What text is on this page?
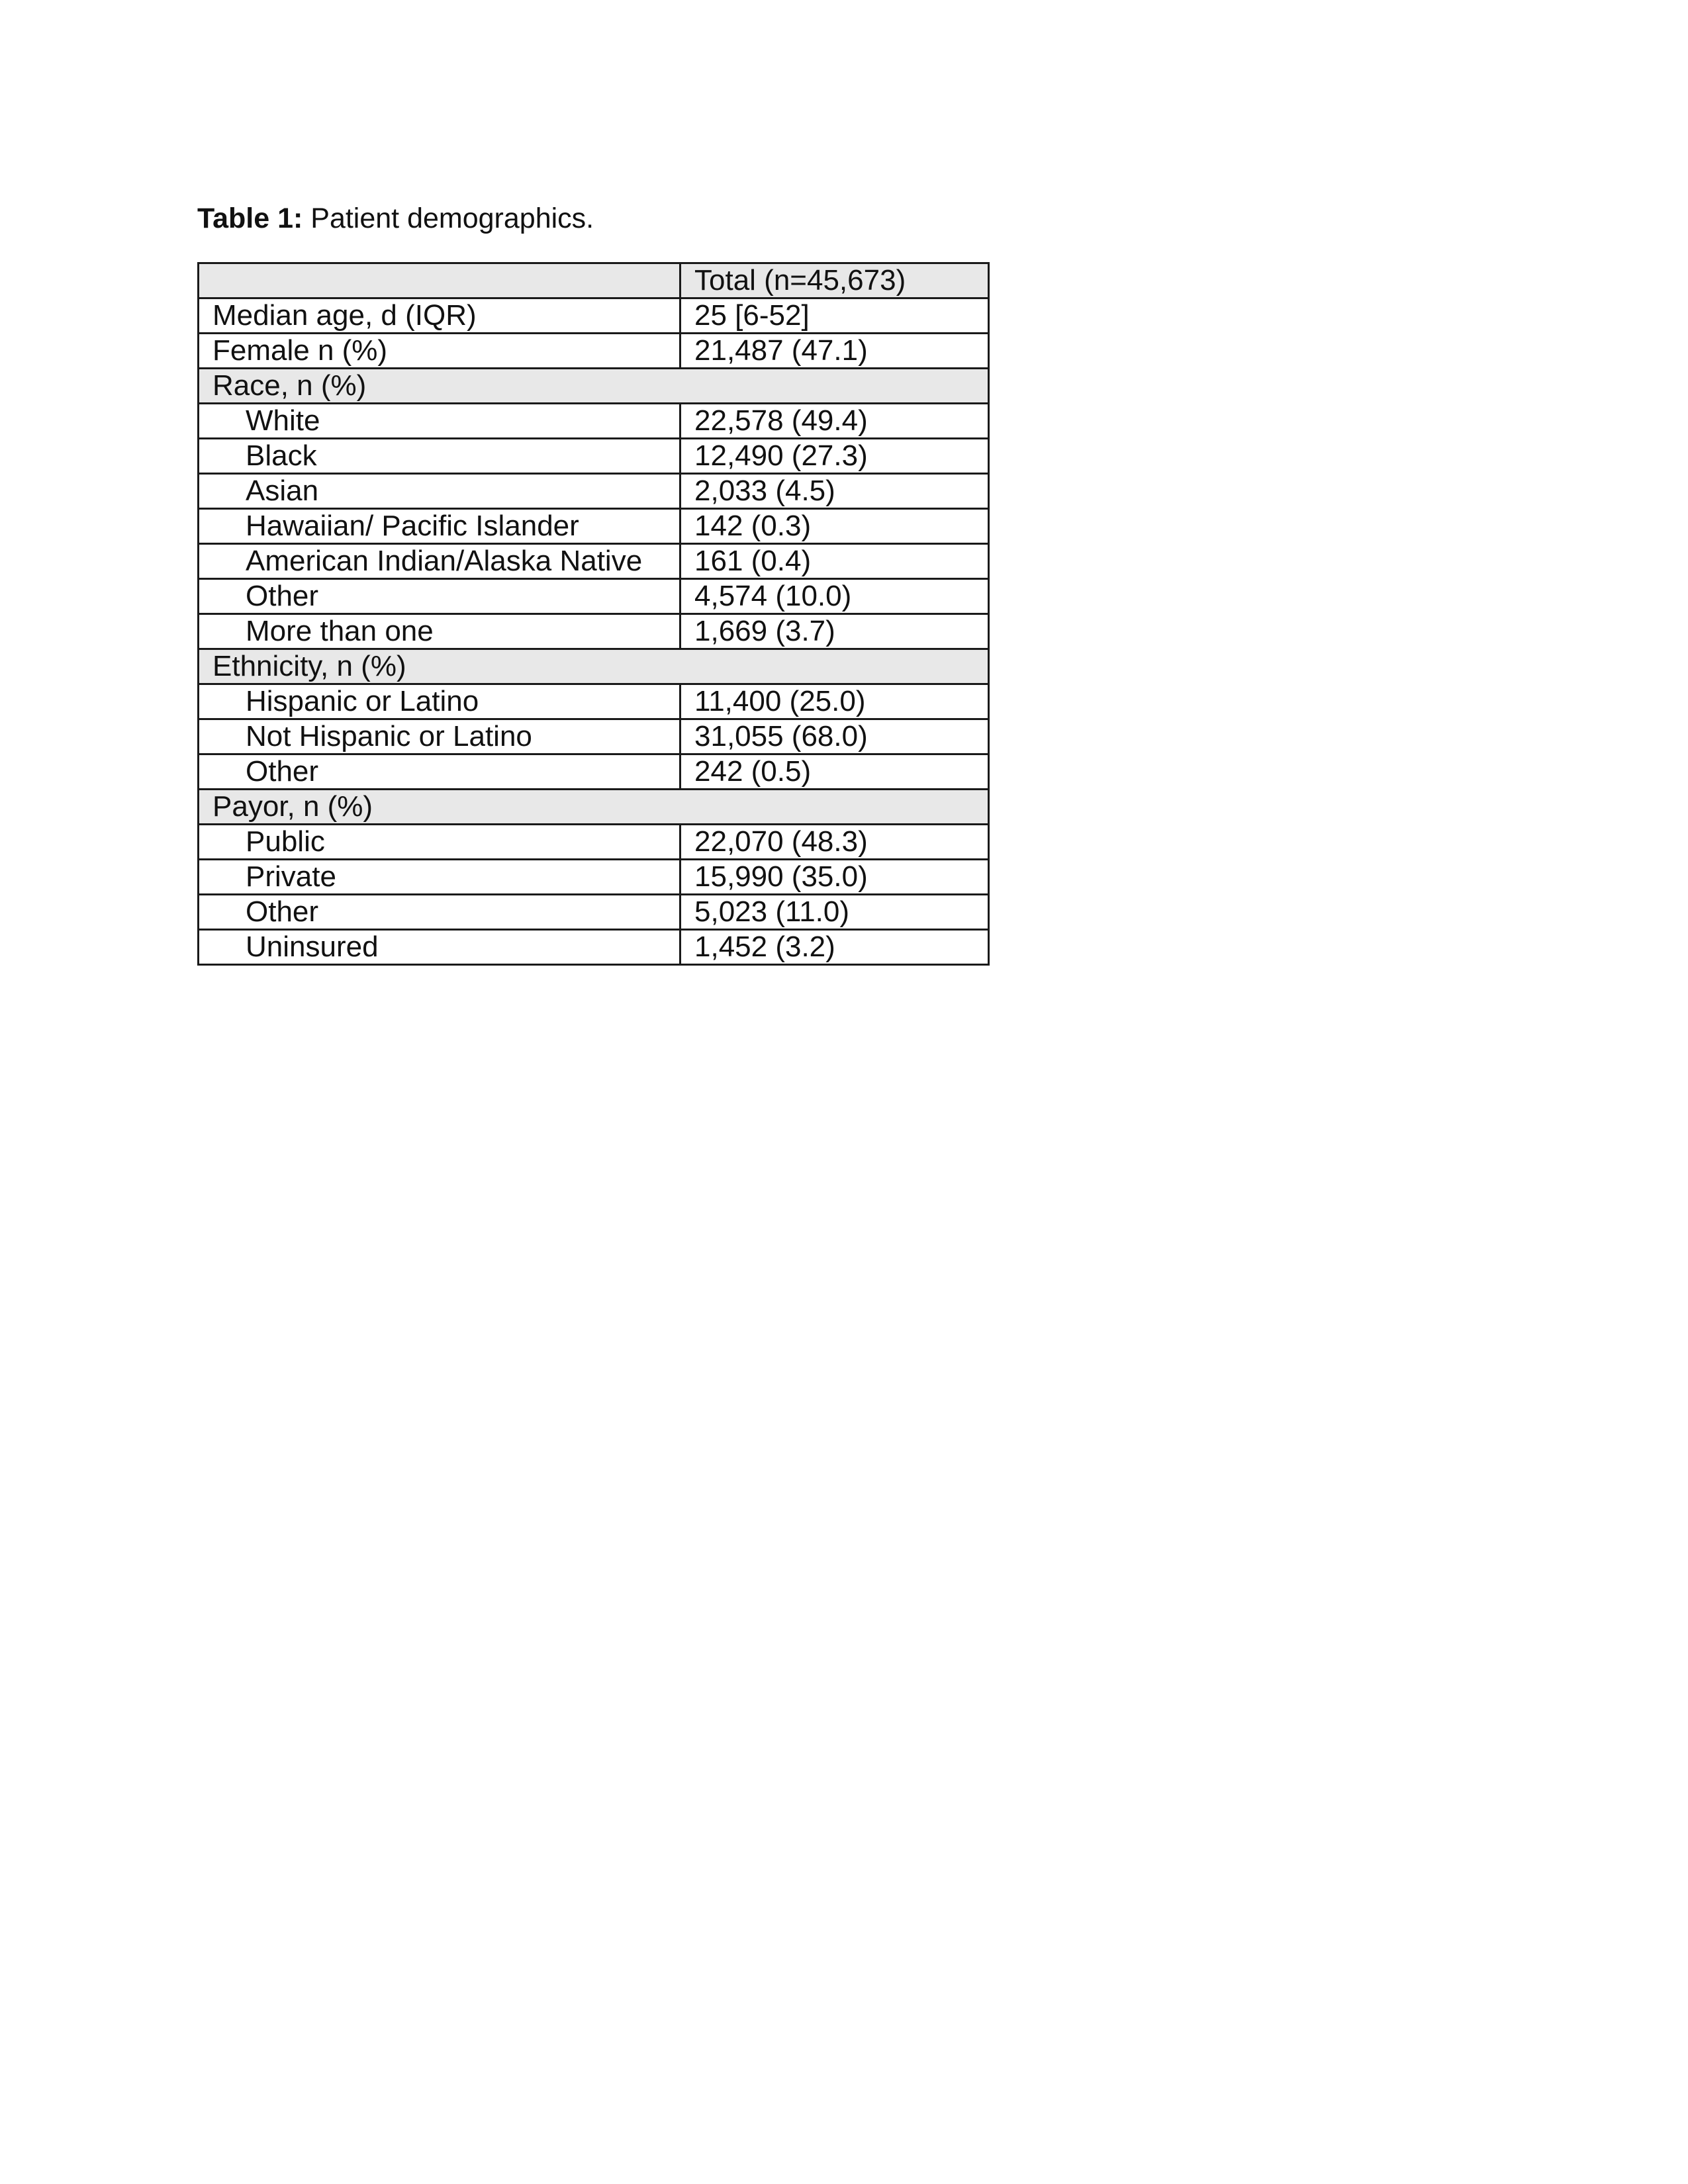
Table 1: Patient demographics.
	Total (n=45,673)
Median age, d (IQR)	25 [6-52]
Female n (%)	21,487 (47.1)
Race, n (%)	
White	22,578 (49.4)
Black	12,490 (27.3)
Asian	2,033 (4.5)
Hawaiian/ Pacific Islander	142 (0.3)
American Indian/Alaska Native	161 (0.4)
Other	4,574 (10.0)
More than one	1,669 (3.7)
Ethnicity, n (%)	
Hispanic or Latino	11,400 (25.0)
Not Hispanic or Latino	31,055 (68.0)
Other	242 (0.5)
Payor, n (%)	
Public	22,070 (48.3)
Private	15,990 (35.0)
Other	5,023 (11.0)
Uninsured	1,452 (3.2)
